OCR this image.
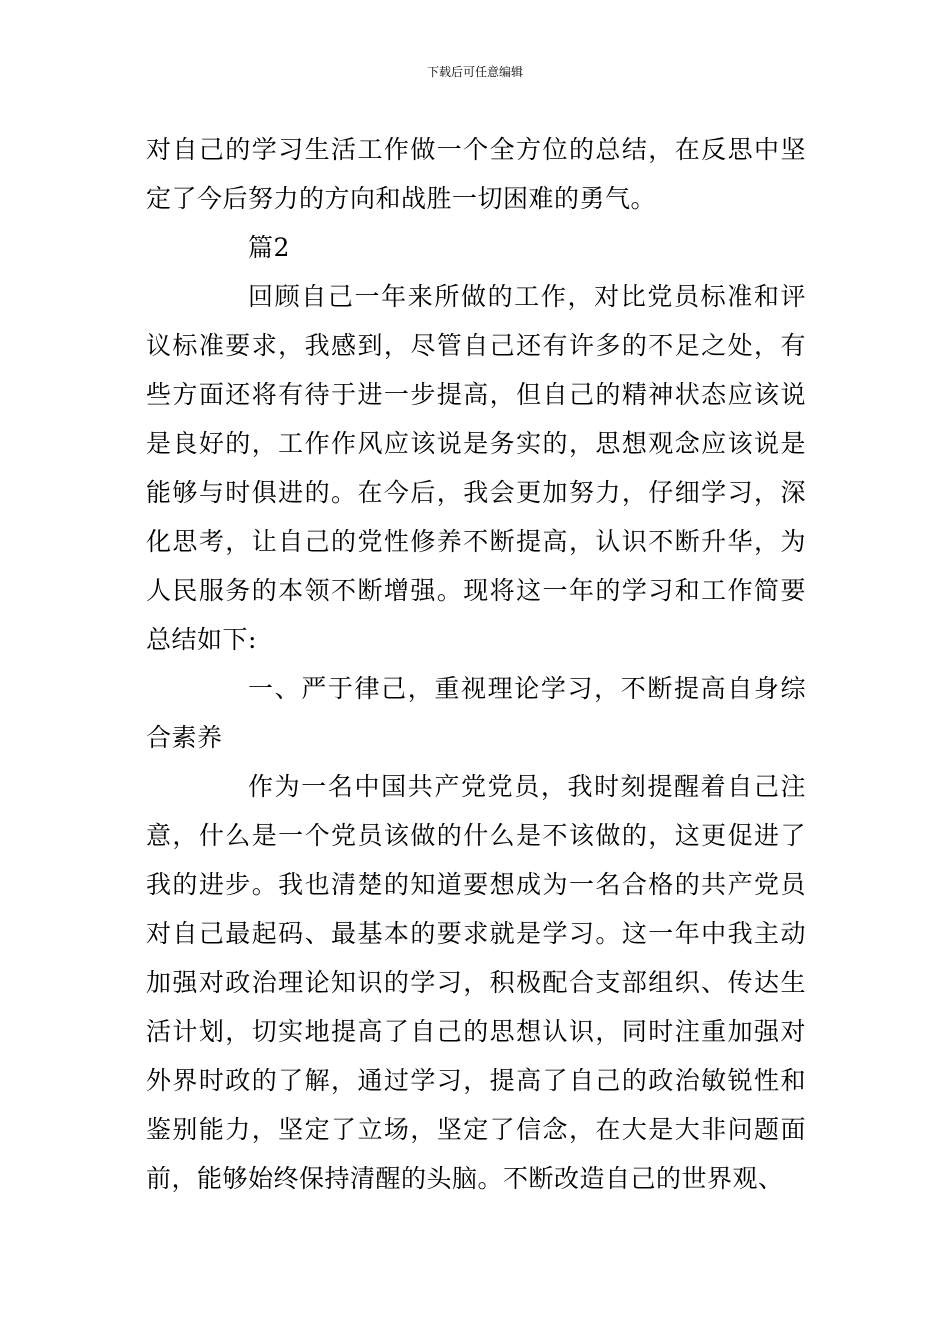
下载后可任意编辑

对自己的学习生活工作做一个全方位的总结，在反思中坚定了今后努力的方向和战胜一切困难的勇气。

篇2

回顾自己一年来所做的工作，对比党员标准和评议标准要求，我感到，尽管自己还有许多的不足之处，有些方面还将有待于进一步提高，但自己的精神状态应该说是良好的，工作作风应该说是务实的，思想观念应该说是能够与时俱进的。在今后，我会更加努力，仔细学习，深化思考，让自己的党性修养不断提高，认识不断升华，为人民服务的本领不断增强。现将这一年的学习和工作简要总结如下:

一、严于律己，重视理论学习，不断提高自身综合素养

作为一名中国共产党党员，我时刻提醒着自己注意，什么是一个党员该做的什么是不该做的，这更促进了我的进步。我也清楚的知道要想成为一名合格的共产党员对自己最起码、最基本的要求就是学习。这一年中我主动加强对政治理论知识的学习，积极配合支部组织、传达生活计划，切实地提高了自己的思想认识，同时注重加强对外界时政的了解，通过学习，提高了自己的政治敏锐性和鉴别能力，坚定了立场，坚定了信念，在大是大非问题面前，能够始终保持清醒的头脑。不断改造自己的世界观、
